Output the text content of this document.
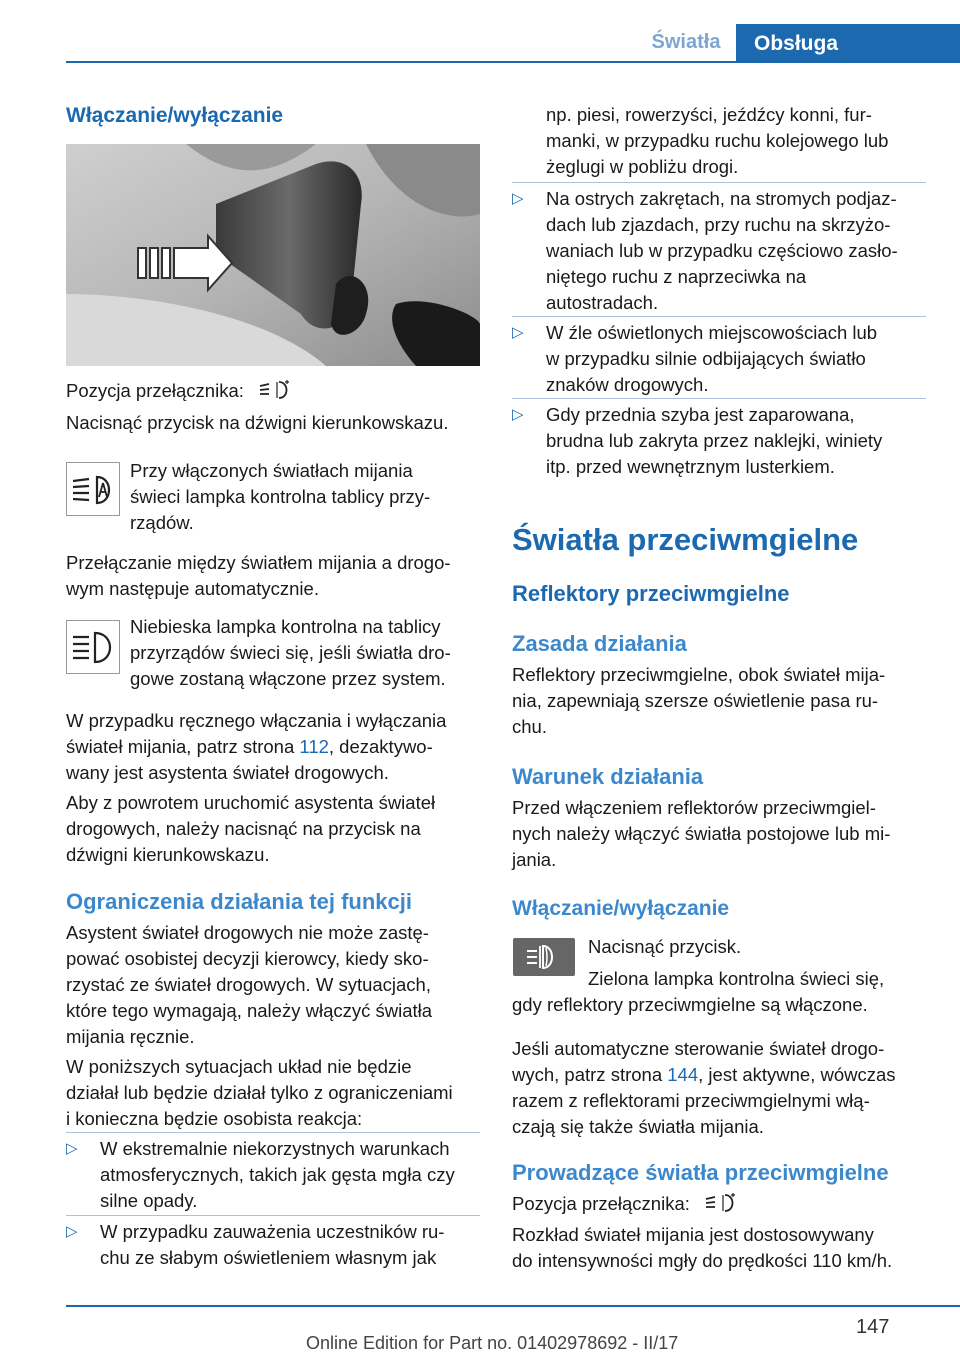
Światła	Obsługa
Włączanie/wyłączanie
Pozycja przełącznika:
Nacisnąć przycisk na dźwigni kierunkowskazu.
Przy włączonych światłach mijania
świeci lampka kontrolna tablicy przy-
rządów.
Przełączanie między światłem mijania a drogo-
wym następuje automatycznie.
Niebieska lampka kontrolna na tablicy
przyrządów świeci się, jeśli światła dro-
gowe zostaną włączone przez system.
W przypadku ręcznego włączania i wyłączania
świateł mijania, patrz strona 112, dezaktywo-
wany jest asystenta świateł drogowych.
Aby z powrotem uruchomić asystenta świateł
drogowych, należy nacisnąć na przycisk na
dźwigni kierunkowskazu.
Ograniczenia działania tej funkcji
Asystent świateł drogowych nie może zastę-
pować osobistej decyzji kierowcy, kiedy sko-
rzystać ze świateł drogowych. W sytuacjach,
które tego wymagają, należy włączyć światła
mijania ręcznie.
W poniższych sytuacjach układ nie będzie
działał lub będzie działał tylko z ograniczeniami
i konieczna będzie osobista reakcja:
▷ W ekstremalnie niekorzystnych warunkach
atmosferycznych, takich jak gęsta mgła czy
silne opady.
▷ W przypadku zauważenia uczestników ru-
chu ze słabym oświetleniem własnym jak
np. piesi, rowerzyści, jeźdźcy konni, fur-
manki, w przypadku ruchu kolejowego lub
żeglugi w pobliżu drogi.
▷ Na ostrych zakrętach, na stromych podjaz-
dach lub zjazdach, przy ruchu na skrzyżo-
waniach lub w przypadku częściowo zasło-
niętego ruchu z naprzeciwka na
autostradach.
▷ W źle oświetlonych miejscowościach lub
w przypadku silnie odbijających światło
znaków drogowych.
▷ Gdy przednia szyba jest zaparowana,
brudna lub zakryta przez naklejki, winiety
itp. przed wewnętrznym lusterkiem.
Światła przeciwmgielne
Reflektory przeciwmgielne
Zasada działania
Reflektory przeciwmgielne, obok świateł mija-
nia, zapewniają szersze oświetlenie pasa ru-
chu.
Warunek działania
Przed włączeniem reflektorów przeciwmgiel-
nych należy włączyć światła postojowe lub mi-
jania.
Włączanie/wyłączanie
Nacisnąć przycisk.
Zielona lampka kontrolna świeci się,
gdy reflektory przeciwmgielne są włączone.
Jeśli automatyczne sterowanie świateł drogo-
wych, patrz strona 144, jest aktywne, wówczas
razem z reflektorami przeciwmgielnymi włą-
czają się także światła mijania.
Prowadzące światła przeciwmgielne
Pozycja przełącznika:
Rozkład świateł mijania jest dostosowywany
do intensywności mgły do prędkości 110 km/h.
147
Online Edition for Part no. 01402978692 - II/17
